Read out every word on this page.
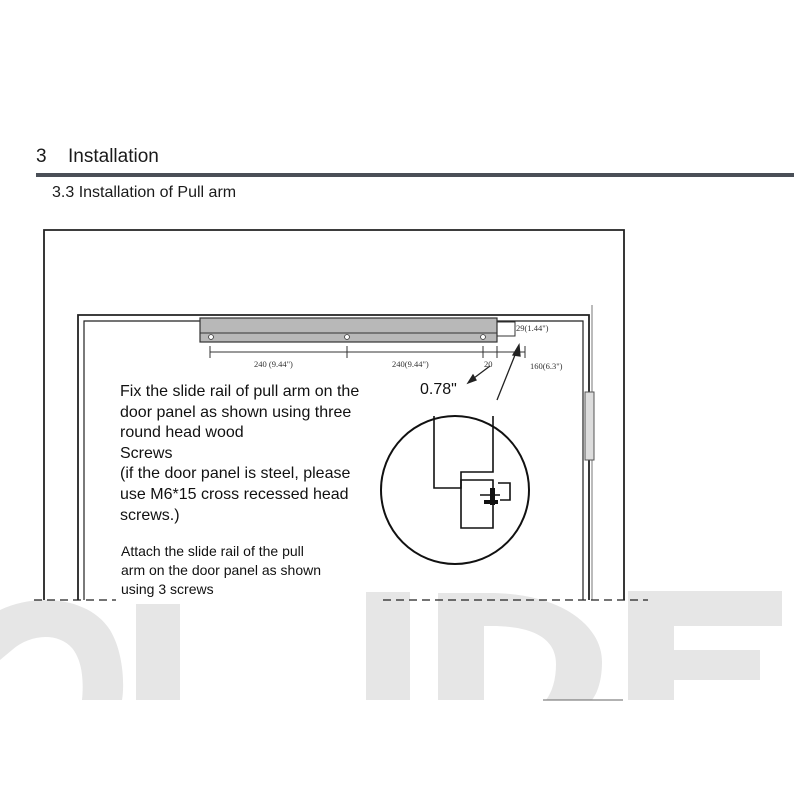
3 Installation
3.3 Installation of Pull arm
240 (9.44")	240(9.44")	20
29(1.44")
160(6.3")
0.78"
Fix the slide rail of pull arm on the
door panel as shown using three
round head wood
Screws
(if the door panel is steel, please
use M6*15 cross recessed head
screws.)
Attach the slide rail of the pull
arm on the door panel as shown
using 3 screws
